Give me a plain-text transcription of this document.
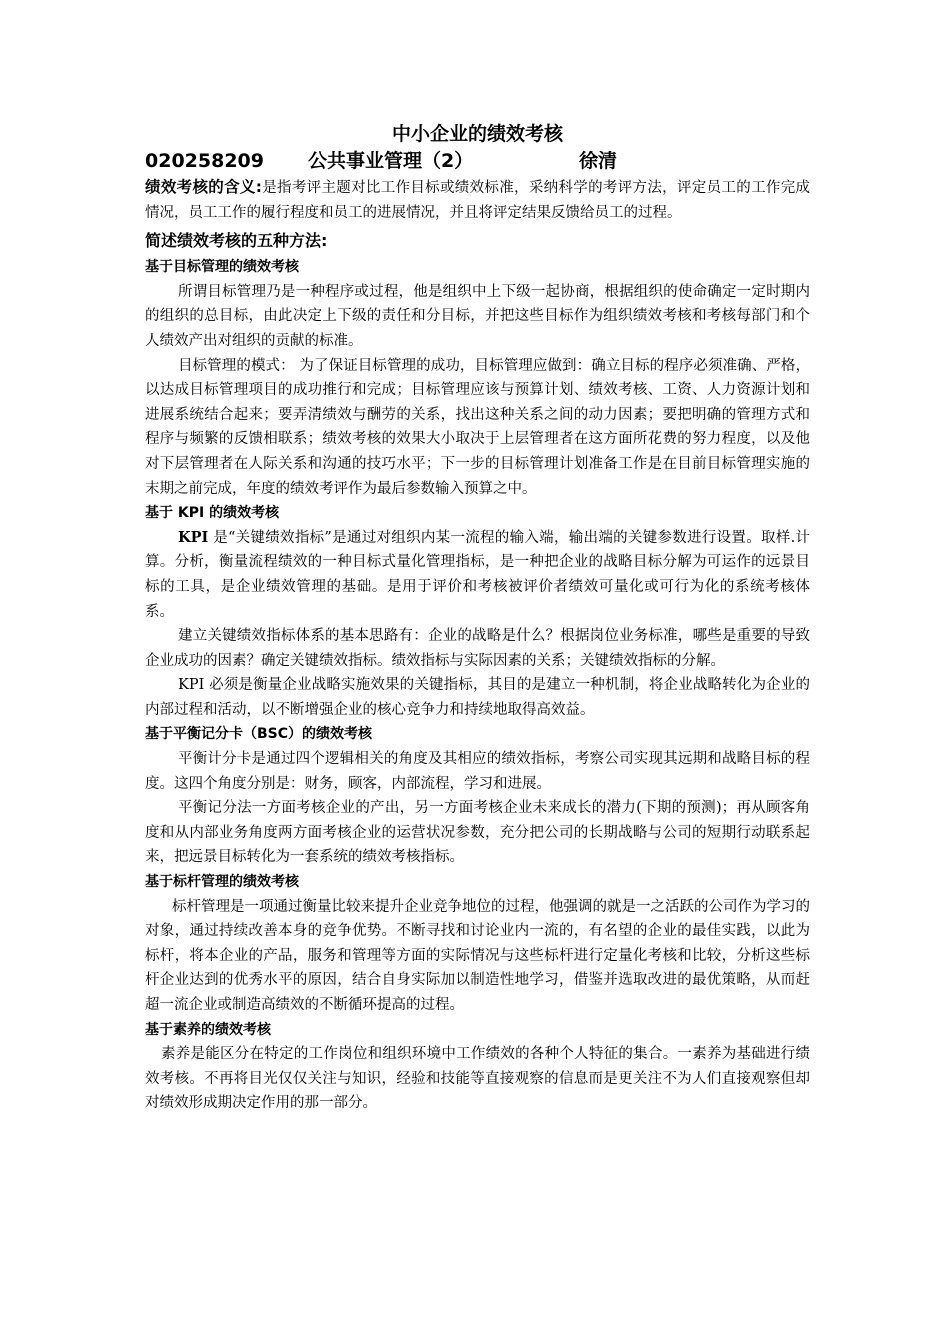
中小企业的绩效考核
020258209 公共事业管理（2）	徐清

绩效考核的含义:是指考评主题对比工作目标或绩效标准，采纳科学的考评方法，评定员工的工作完成情况，员工工作的履行程度和员工的进展情况，并且将评定结果反馈给员工的过程。

简述绩效考核的五种方法:
基于目标管理的绩效考核

所谓目标管理乃是一种程序或过程，他是组织中上下级一起协商，根据组织的使命确定一定时期内的组织的总目标，由此决定上下级的责任和分目标，并把这些目标作为组织绩效考核和考核每部门和个人绩效产出对组织的贡献的标准。

目标管理的模式： 为了保证目标管理的成功，目标管理应做到：确立目标的程序必须准确、严格，以达成目标管理项目的成功推行和完成；目标管理应该与预算计划、绩效考核、工资、人力资源计划和进展系统结合起来；要弄清绩效与酬劳的关系，找出这种关系之间的动力因素；要把明确的管理方式和程序与频繁的反馈相联系；绩效考核的效果大小取决于上层管理者在这方面所花费的努力程度，以及他对下层管理者在人际关系和沟通的技巧水平；下一步的目标管理计划准备工作是在目前目标管理实施的末期之前完成，年度的绩效考评作为最后参数输入预算之中。

基于 KPI 的绩效考核

KPI 是“关键绩效指标”是通过对组织内某一流程的输入端，输出端的关键参数进行设置。取样.计算。分析，衡量流程绩效的一种目标式量化管理指标，是一种把企业的战略目标分解为可运作的远景目标的工具，是企业绩效管理的基础。是用于评价和考核被评价者绩效可量化或可行为化的系统考核体系。

建立关键绩效指标体系的基本思路有：企业的战略是什么？根据岗位业务标准，哪些是重要的导致企业成功的因素？确定关键绩效指标。绩效指标与实际因素的关系；关键绩效指标的分解。

KPI 必须是衡量企业战略实施效果的关键指标，其目的是建立一种机制，将企业战略转化为企业的内部过程和活动，以不断增强企业的核心竞争力和持续地取得高效益。

基于平衡记分卡（BSC）的绩效考核

平衡计分卡是通过四个逻辑相关的角度及其相应的绩效指标，考察公司实现其远期和战略目标的程度。这四个角度分别是：财务，顾客，内部流程，学习和进展。

平衡记分法一方面考核企业的产出，另一方面考核企业未来成长的潜力(下期的预测)；再从顾客角度和从内部业务角度两方面考核企业的运营状况参数，充分把公司的长期战略与公司的短期行动联系起来，把远景目标转化为一套系统的绩效考核指标。

基于标杆管理的绩效考核

标杆管理是一项通过衡量比较来提升企业竞争地位的过程，他强调的就是一之活跃的公司作为学习的对象，通过持续改善本身的竞争优势。不断寻找和讨论业内一流的，有名望的企业的最佳实践，以此为标杆，将本企业的产品，服务和管理等方面的实际情况与这些标杆进行定量化考核和比较，分析这些标杆企业达到的优秀水平的原因，结合自身实际加以制造性地学习，借鉴并选取改进的最优策略，从而赶超一流企业或制造高绩效的不断循环提高的过程。

基于素养的绩效考核

素养是能区分在特定的工作岗位和组织环境中工作绩效的各种个人特征的集合。一素养为基础进行绩效考核。不再将目光仅仅关注与知识，经验和技能等直接观察的信息而是更关注不为人们直接观察但却对绩效形成期决定作用的那一部分。
